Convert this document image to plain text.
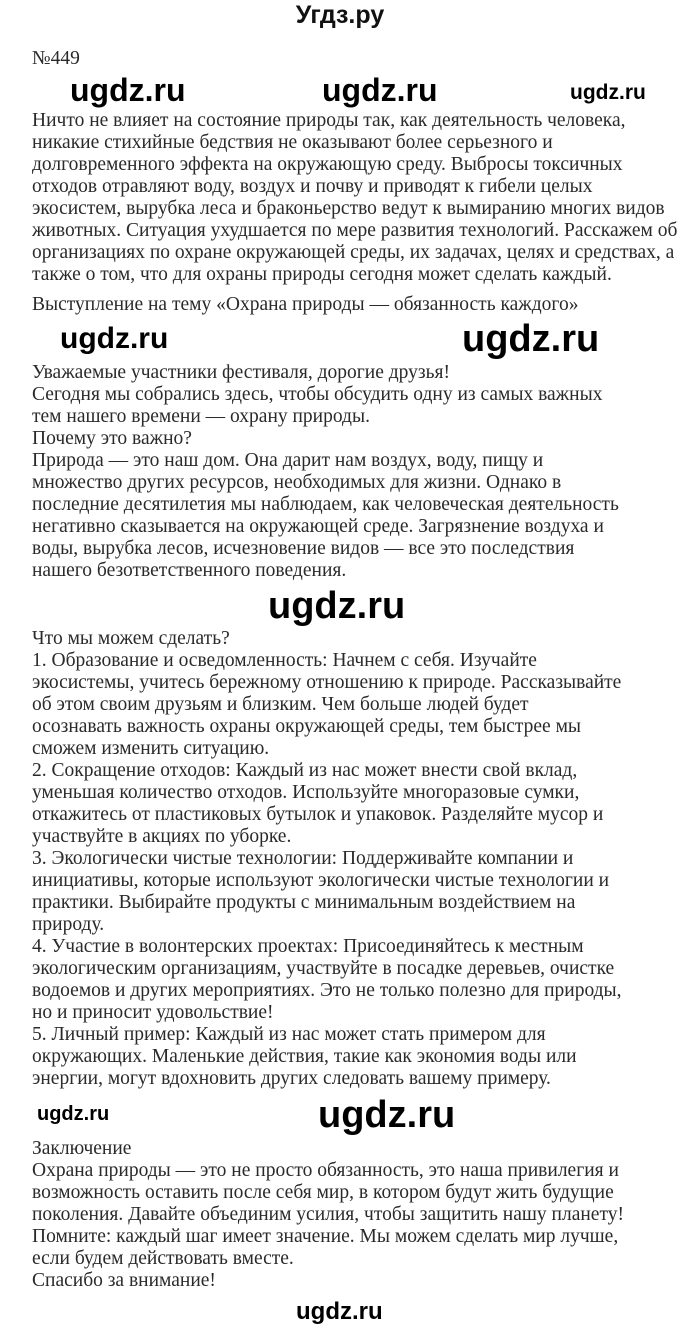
Угдз.ру
№449
Ничто не влияет на состояние природы так, как деятельность человека,
никакие стихийные бедствия не оказывают более серьезного и
долговременного эффекта на окружающую среду. Выбросы токсичных
отходов отравляют воду, воздух и почву и приводят к гибели целых
экосистем, вырубка леса и браконьерство ведут к вымиранию многих видов
животных. Ситуация ухудшается по мере развития технологий. Расскажем об
организациях по охране окружающей среды, их задачах, целях и средствах, а
также о том, что для охраны природы сегодня может сделать каждый.
Выступление на тему «Охрана природы — обязанность каждого»
Уважаемые участники фестиваля, дорогие друзья!
Сегодня мы собрались здесь, чтобы обсудить одну из самых важных
тем нашего времени — охрану природы.
Почему это важно?
Природа — это наш дом. Она дарит нам воздух, воду, пищу и
множество других ресурсов, необходимых для жизни. Однако в
последние десятилетия мы наблюдаем, как человеческая деятельность
негативно сказывается на окружающей среде. Загрязнение воздуха и
воды, вырубка лесов, исчезновение видов — все это последствия
нашего безответственного поведения.
Что мы можем сделать?
1. Образование и осведомленность: Начнем с себя. Изучайте
экосистемы, учитесь бережному отношению к природе. Рассказывайте
об этом своим друзьям и близким. Чем больше людей будет
осознавать важность охраны окружающей среды, тем быстрее мы
сможем изменить ситуацию.
2. Сокращение отходов: Каждый из нас может внести свой вклад,
уменьшая количество отходов. Используйте многоразовые сумки,
откажитесь от пластиковых бутылок и упаковок. Разделяйте мусор и
участвуйте в акциях по уборке.
3. Экологически чистые технологии: Поддерживайте компании и
инициативы, которые используют экологически чистые технологии и
практики. Выбирайте продукты с минимальным воздействием на
природу.
4. Участие в волонтерских проектах: Присоединяйтесь к местным
экологическим организациям, участвуйте в посадке деревьев, очистке
водоемов и других мероприятиях. Это не только полезно для природы,
но и приносит удовольствие!
5. Личный пример: Каждый из нас может стать примером для
окружающих. Маленькие действия, такие как экономия воды или
энергии, могут вдохновить других следовать вашему примеру.
Заключение
Охрана природы — это не просто обязанность, это наша привилегия и
возможность оставить после себя мир, в котором будут жить будущие
поколения. Давайте объединим усилия, чтобы защитить нашу планету!
Помните: каждый шаг имеет значение. Мы можем сделать мир лучше,
если будем действовать вместе.
Спасибо за внимание!
ugdz.ru	ugdz.ru	ugdz.ru
ugdz.ru	ugdz.ru
ugdz.ru
ugdz.ru	ugdz.ru
ugdz.ru
